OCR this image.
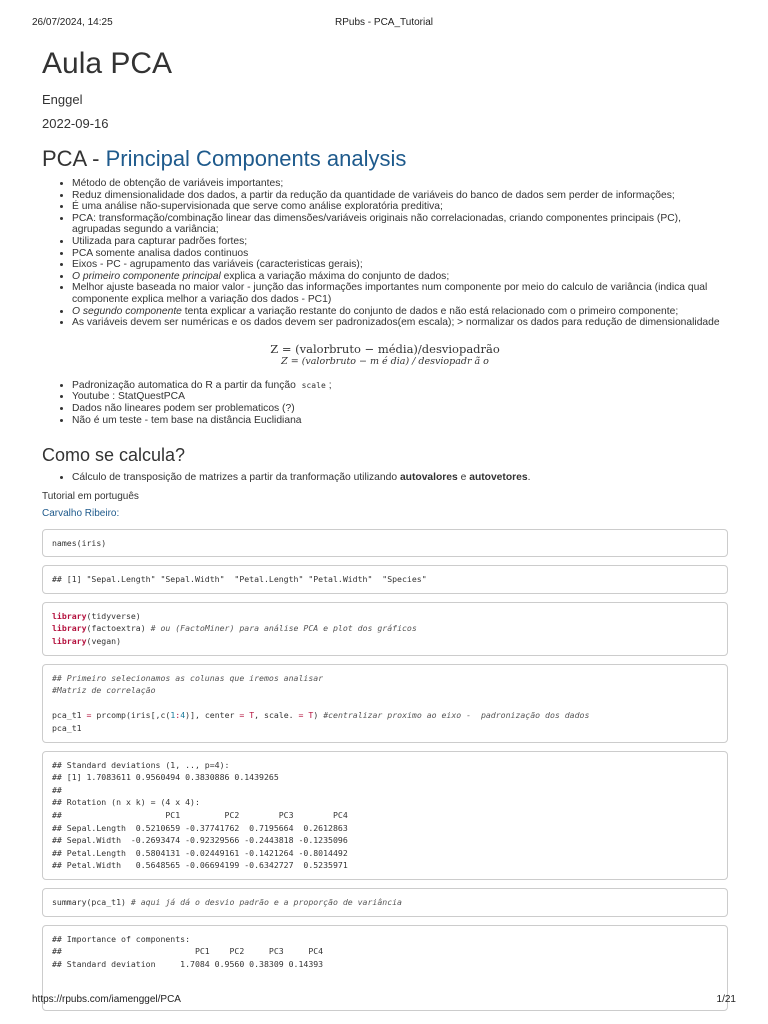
26/07/2024, 14:25	RPubs - PCA_Tutorial
Aula PCA
Enggel
2022-09-16
PCA - Principal Components analysis
• Método de obtenção de variáveis importantes;
• Reduz dimensionalidade dos dados, a partir da redução da quantidade de variáveis do banco de dados sem perder de informações;
• É uma análise não-supervisionada que serve como análise exploratória preditiva;
• PCA: transformação/combinação linear das dimensões/variáveis originais não correlacionadas, criando componentes principais (PC), agrupadas segundo a variância;
• Utilizada para capturar padrões fortes;
• PCA somente analisa dados continuos
• Eixos - PC - agrupamento das variáveis (caracteristicas gerais);
• O primeiro componente principal explica a variação máxima do conjunto de dados;
• Melhor ajuste baseada no maior valor - junção das informações importantes num componente por meio do calculo de variância (indica qual componente explica melhor a variação dos dados - PC1)
• O segundo componente tenta explicar a variação restante do conjunto de dados e não está relacionado com o primeiro componente;
• As variáveis devem ser numéricas e os dados devem ser padronizados(em escala); > normalizar os dados para redução de dimensionalidade
Z = (valorbruto − média)/desviopadrão
Z = (valorbruto − m é dia) / desviopadr ã o
• Padronização automatica do R a partir da função scale ;
• Youtube : StatQuestPCA
• Dados não lineares podem ser problematicos (?)
• Não é um teste - tem base na distância Euclidiana
Como se calcula?
• Cálculo de transposição de matrizes a partir da tranformação utilizando autovalores e autovetores.
Tutorial em português
Carvalho Ribeiro:
names(iris)
## [1] "Sepal.Length" "Sepal.Width"  "Petal.Length" "Petal.Width"  "Species"
library(tidyverse)
library(factoextra) # ou (FactoMiner) para análise PCA e plot dos gráficos
library(vegan)
## Primeiro selecionamos as colunas que iremos analisar
#Matriz de correlação

pca_t1 = prcomp(iris[,c(1:4)], center = T, scale. = T) #centralizar proximo ao eixo -  padronização dos dados
pca_t1
## Standard deviations (1, .., p=4):
## [1] 1.7083611 0.9560494 0.3830886 0.1439265
##
## Rotation (n x k) = (4 x 4):
##                     PC1         PC2        PC3        PC4
## Sepal.Length  0.5210659 -0.37741762  0.7195664  0.2612863
## Sepal.Width  -0.2693474 -0.92329566 -0.2443818 -0.1235096
## Petal.Length  0.5804131 -0.02449161 -0.1421264 -0.8014492
## Petal.Width   0.5648565 -0.06694199 -0.6342727  0.5235971
summary(pca_t1) # aqui já dá o desvio padrão e a proporção de variância
## Importance of components:
##                           PC1    PC2     PC3     PC4
## Standard deviation     1.7084 0.9560 0.38309 0.14393
https://rpubs.com/iamenggel/PCA	1/21
